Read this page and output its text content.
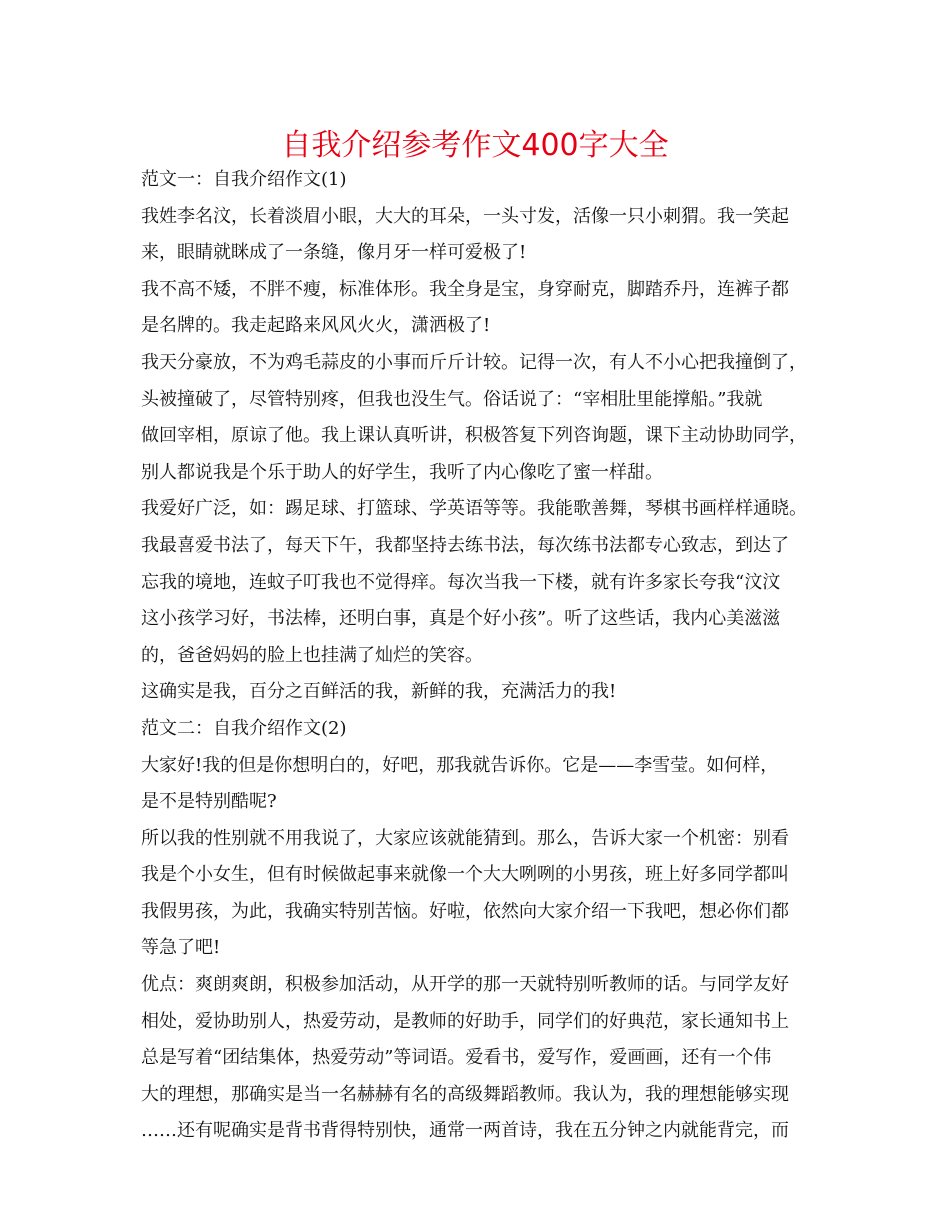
自我介绍参考作文400字大全
范文一：自我介绍作文(1)
我姓李名汶，长着淡眉小眼，大大的耳朵，一头寸发，活像一只小刺猬。我一笑起
来，眼睛就眯成了一条缝，像月牙一样可爱极了!
我不高不矮，不胖不瘦，标准体形。我全身是宝，身穿耐克，脚踏乔丹，连裤子都
是名牌的。我走起路来风风火火，潇洒极了!
我天分豪放，不为鸡毛蒜皮的小事而斤斤计较。记得一次，有人不小心把我撞倒了，
头被撞破了，尽管特别疼，但我也没生气。俗话说了：“宰相肚里能撑船。”我就
做回宰相，原谅了他。我上课认真听讲，积极答复下列咨询题，课下主动协助同学，
别人都说我是个乐于助人的好学生，我听了内心像吃了蜜一样甜。
我爱好广泛，如：踢足球、打篮球、学英语等等。我能歌善舞，琴棋书画样样通晓。
我最喜爱书法了，每天下午，我都坚持去练书法，每次练书法都专心致志，到达了
忘我的境地，连蚊子叮我也不觉得痒。每次当我一下楼，就有许多家长夸我“汶汶
这小孩学习好，书法棒，还明白事，真是个好小孩”。听了这些话，我内心美滋滋
的，爸爸妈妈的脸上也挂满了灿烂的笑容。
这确实是我，百分之百鲜活的我，新鲜的我，充满活力的我!
范文二：自我介绍作文(2)
大家好!我的但是你想明白的，好吧，那我就告诉你。它是——李雪莹。如何样，
是不是特别酷呢?
所以我的性别就不用我说了，大家应该就能猜到。那么，告诉大家一个机密：别看
我是个小女生，但有时候做起事来就像一个大大咧咧的小男孩，班上好多同学都叫
我假男孩，为此，我确实特别苦恼。好啦，依然向大家介绍一下我吧，想必你们都
等急了吧!
优点：爽朗爽朗，积极参加活动，从开学的那一天就特别听教师的话。与同学友好
相处，爱协助别人，热爱劳动，是教师的好助手，同学们的好典范，家长通知书上
总是写着“团结集体，热爱劳动”等词语。爱看书，爱写作，爱画画，还有一个伟
大的理想，那确实是当一名赫赫有名的高级舞蹈教师。我认为，我的理想能够实现
……还有呢确实是背书背得特别快，通常一两首诗，我在五分钟之内就能背完，而
